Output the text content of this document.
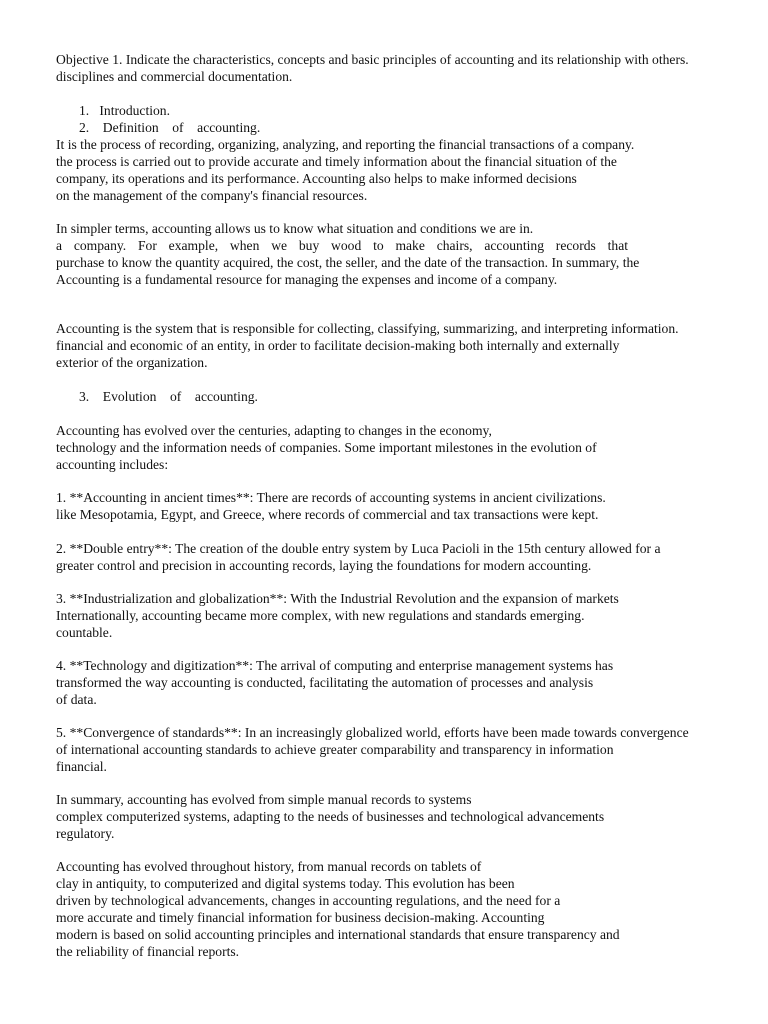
Objective 1. Indicate the characteristics, concepts and basic principles of accounting and its relationship with others.
disciplines and commercial documentation.
1.   Introduction.
2.    Definition    of    accounting.
It is the process of recording, organizing, analyzing, and reporting the financial transactions of a company.
the process is carried out to provide accurate and timely information about the financial situation of the
company, its operations and its performance. Accounting also helps to make informed decisions
on the management of the company's financial resources.
In simpler terms, accounting allows us to know what situation and conditions we are in.
a company. For example, when we buy wood to make chairs, accounting records that
purchase to know the quantity acquired, the cost, the seller, and the date of the transaction. In summary, the
Accounting is a fundamental resource for managing the expenses and income of a company.
Accounting is the system that is responsible for collecting, classifying, summarizing, and interpreting information.
financial and economic of an entity, in order to facilitate decision-making both internally and externally
exterior of the organization.
3.    Evolution    of    accounting.
Accounting has evolved over the centuries, adapting to changes in the economy,
technology and the information needs of companies. Some important milestones in the evolution of
accounting includes:
1. **Accounting in ancient times**: There are records of accounting systems in ancient civilizations.
like Mesopotamia, Egypt, and Greece, where records of commercial and tax transactions were kept.
2. **Double entry**: The creation of the double entry system by Luca Pacioli in the 15th century allowed for a
greater control and precision in accounting records, laying the foundations for modern accounting.
3. **Industrialization and globalization**: With the Industrial Revolution and the expansion of markets
Internationally, accounting became more complex, with new regulations and standards emerging.
countable.
4. **Technology and digitization**: The arrival of computing and enterprise management systems has
transformed the way accounting is conducted, facilitating the automation of processes and analysis
of data.
5. **Convergence of standards**: In an increasingly globalized world, efforts have been made towards convergence
of international accounting standards to achieve greater comparability and transparency in information
financial.
In summary, accounting has evolved from simple manual records to systems
complex computerized systems, adapting to the needs of businesses and technological advancements
regulatory.
Accounting has evolved throughout history, from manual records on tablets of
clay in antiquity, to computerized and digital systems today. This evolution has been
driven by technological advancements, changes in accounting regulations, and the need for a
more accurate and timely financial information for business decision-making. Accounting
modern is based on solid accounting principles and international standards that ensure transparency and
the reliability of financial reports.
